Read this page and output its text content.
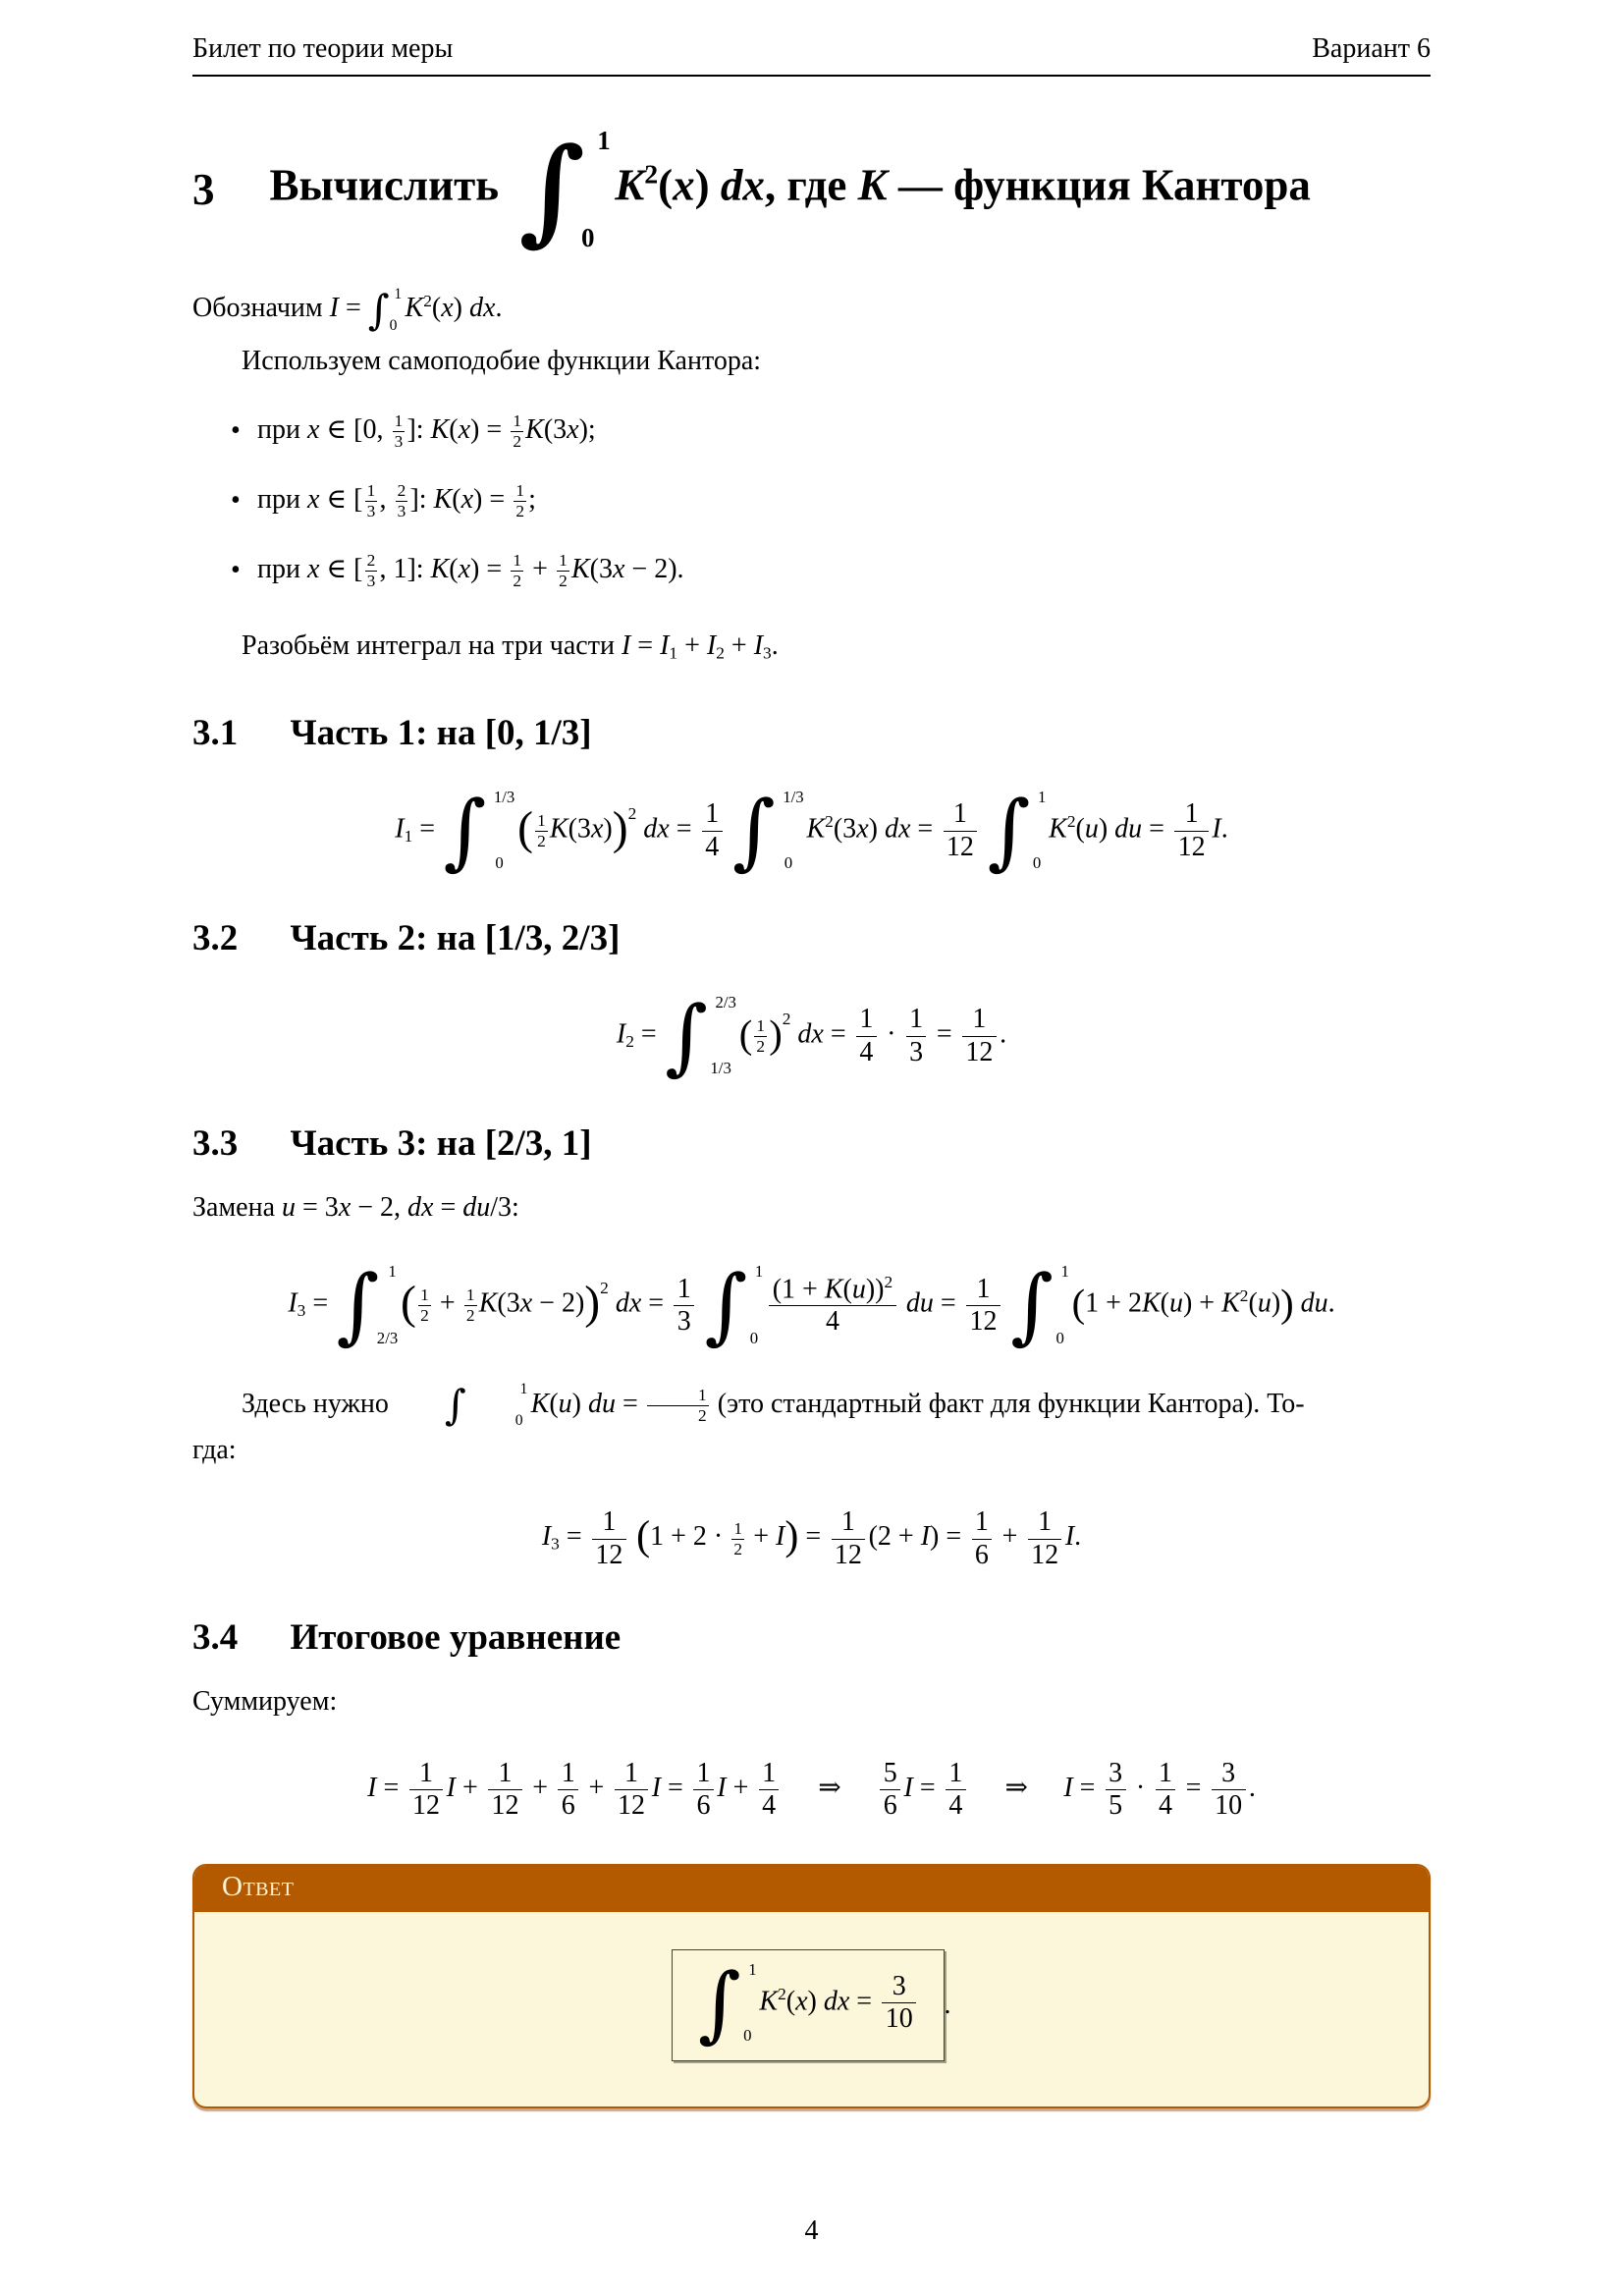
Билет по теории меры	Вариант 6
3 Вычислить ∫ 1
0
$K^2(x)$ dx, где K — функция Кантора

Обозначим I = ∫ 1
0
$K^2(x)$ dx.

Используем самоподобие функции Кантора:

• при x ∈ [0, $\frac{1}{3}$ ]: $K(x) = \frac{1}{2} K(3x)$;
• при x ∈ [ $\frac{1}{3}$ , $\frac{2}{3}$ ]: $K(x) = \frac{1}{2}$ ;
• при x ∈ [ $\frac{2}{3}$ , 1]: $K(x) = \frac{1}{2} + \frac{1}{2} K(3x - 2)$.

Разобьём интеграл на три части I = I1 + I2 + I3.

3.1 Часть 1: на [0, 1/3]
I1 = ∫ 1/3
0
( $\frac{1}{2} K(3x))^2$ dx = $\frac{1}{4}$ ∫ 1/3
0
$K^2(3x)$ dx = $\frac{1}{12}$ ∫ 1
0
$K^2(u)$ du = $\frac{1}{12} I$.
3.2 Часть 2: на [1/3, 2/3]
I2 = ∫ 2/3
1/3
( $\frac{1}{2} )^2$ dx = $\frac{1}{4} \cdot \frac{1}{3} = \frac{1}{12}$ .
3.3 Часть 3: на [2/3, 1]

Замена u = 3x − 2, dx = du/3:

I3 = ∫ 1
2/3
( $\frac{1}{2} + \frac{1}{2} K(3x - 2))^2$ dx = $\frac{1}{3}$ ∫ 1
$0 \frac{(1 + K(u))^2}{4}$ du = $\frac{1}{12}$ ∫ 1
0
$(1 + 2K(u) + K^2(u))$ du.

Здесь нужно	∫	1
0
K(u) du = $\frac{1}{2} (это$ стандартный факт для функции Кантора). То-
гда:

$I3 = \frac{1}{12} (1 + 2 \cdot \frac{1}{2} + I) = \frac{1}{12} (2 + I) = \frac{1}{6} + \frac{1}{12} I$.
3.4 Итоговое уравнение

Суммируем:

$I = \frac{1}{12}$ $I + \frac{1}{12} + \frac{1}{6} + \frac{1}{12}$ $I = \frac{1}{6}$ $I + \frac{1}{4}$ ⇒ $\frac{5}{6}$ $I = \frac{1}{4}$ ⇒ $I = \frac{3}{5} \cdot \frac{1}{4} = \frac{3}{10}$ .
Ответ
∫ 1
0
$K^2(x)$ dx = $\frac{3}{10}$ .
4
